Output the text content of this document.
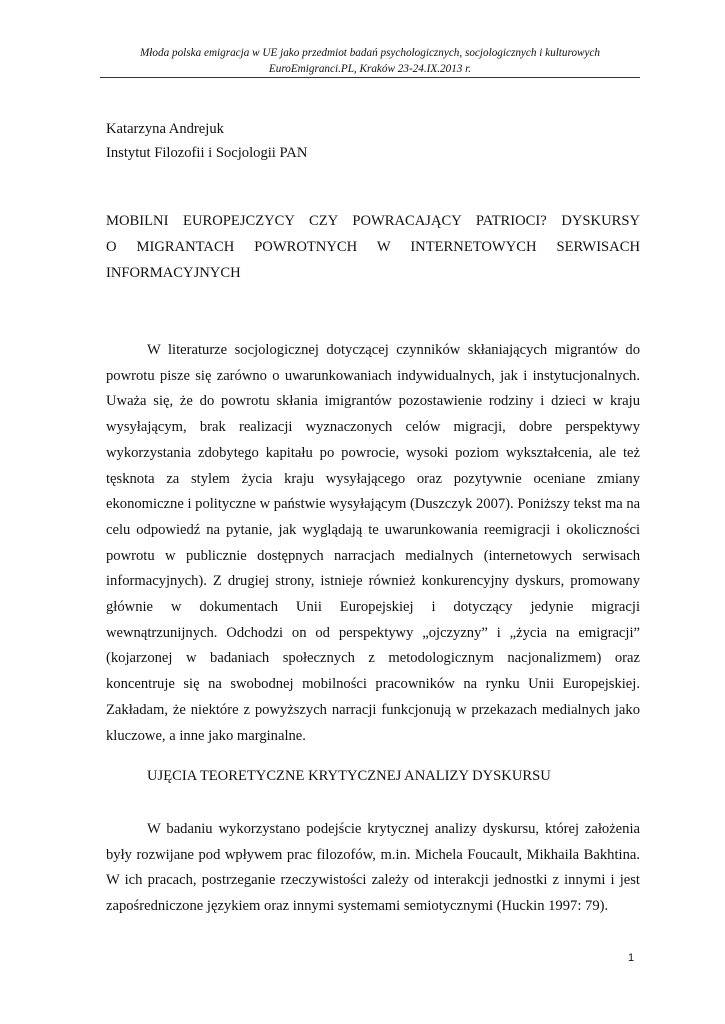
Młoda polska emigracja w UE jako przedmiot badań psychologicznych, socjologicznych i kulturowych
EuroEmigranci.PL, Kraków 23-24.IX.2013 r.
Katarzyna Andrejuk
Instytut Filozofii i Socjologii PAN
MOBILNI EUROPEJCZYCY CZY POWRACAJĄCY PATRIOCI? DYSKURSY
O MIGRANTACH POWROTNYCH W INTERNETOWYCH SERWISACH
INFORMACYJNYCH
W literaturze socjologicznej dotyczącej czynników skłaniających migrantów do
powrotu pisze się zarówno o uwarunkowaniach indywidualnych, jak i instytucjonalnych.
Uważa się, że do powrotu skłania imigrantów pozostawienie rodziny i dzieci w kraju
wysyłającym, brak realizacji wyznaczonych celów migracji, dobre perspektywy
wykorzystania zdobytego kapitału po powrocie, wysoki poziom wykształcenia, ale też
tęsknota za stylem życia kraju wysyłającego oraz pozytywnie oceniane zmiany
ekonomiczne i polityczne w państwie wysyłającym (Duszczyk 2007). Poniższy tekst ma na
celu odpowiedź na pytanie, jak wyglądają te uwarunkowania reemigracji i okoliczności
powrotu w publicznie dostępnych narracjach medialnych (internetowych serwisach
informacyjnych). Z drugiej strony, istnieje również konkurencyjny dyskurs, promowany
głównie w dokumentach Unii Europejskiej i dotyczący jedynie migracji
wewnątrzunijnych. Odchodzi on od perspektywy „ojczyzny” i „życia na emigracji”
(kojarzonej w badaniach społecznych z metodologicznym nacjonalizmem) oraz
koncentruje się na swobodnej mobilności pracowników na rynku Unii Europejskiej.
Zakładam, że niektóre z powyższych narracji funkcjonują w przekazach medialnych jako
kluczowe, a inne jako marginalne.
UJĘCIA TEORETYCZNE KRYTYCZNEJ ANALIZY DYSKURSU
W badaniu wykorzystano podejście krytycznej analizy dyskursu, której założenia
były rozwijane pod wpływem prac filozofów, m.in. Michela Foucault, Mikhaila Bakhtina.
W ich pracach, postrzeganie rzeczywistości zależy od interakcji jednostki z innymi i jest
zapośredniczone językiem oraz innymi systemami semiotycznymi (Huckin 1997: 79).
1
